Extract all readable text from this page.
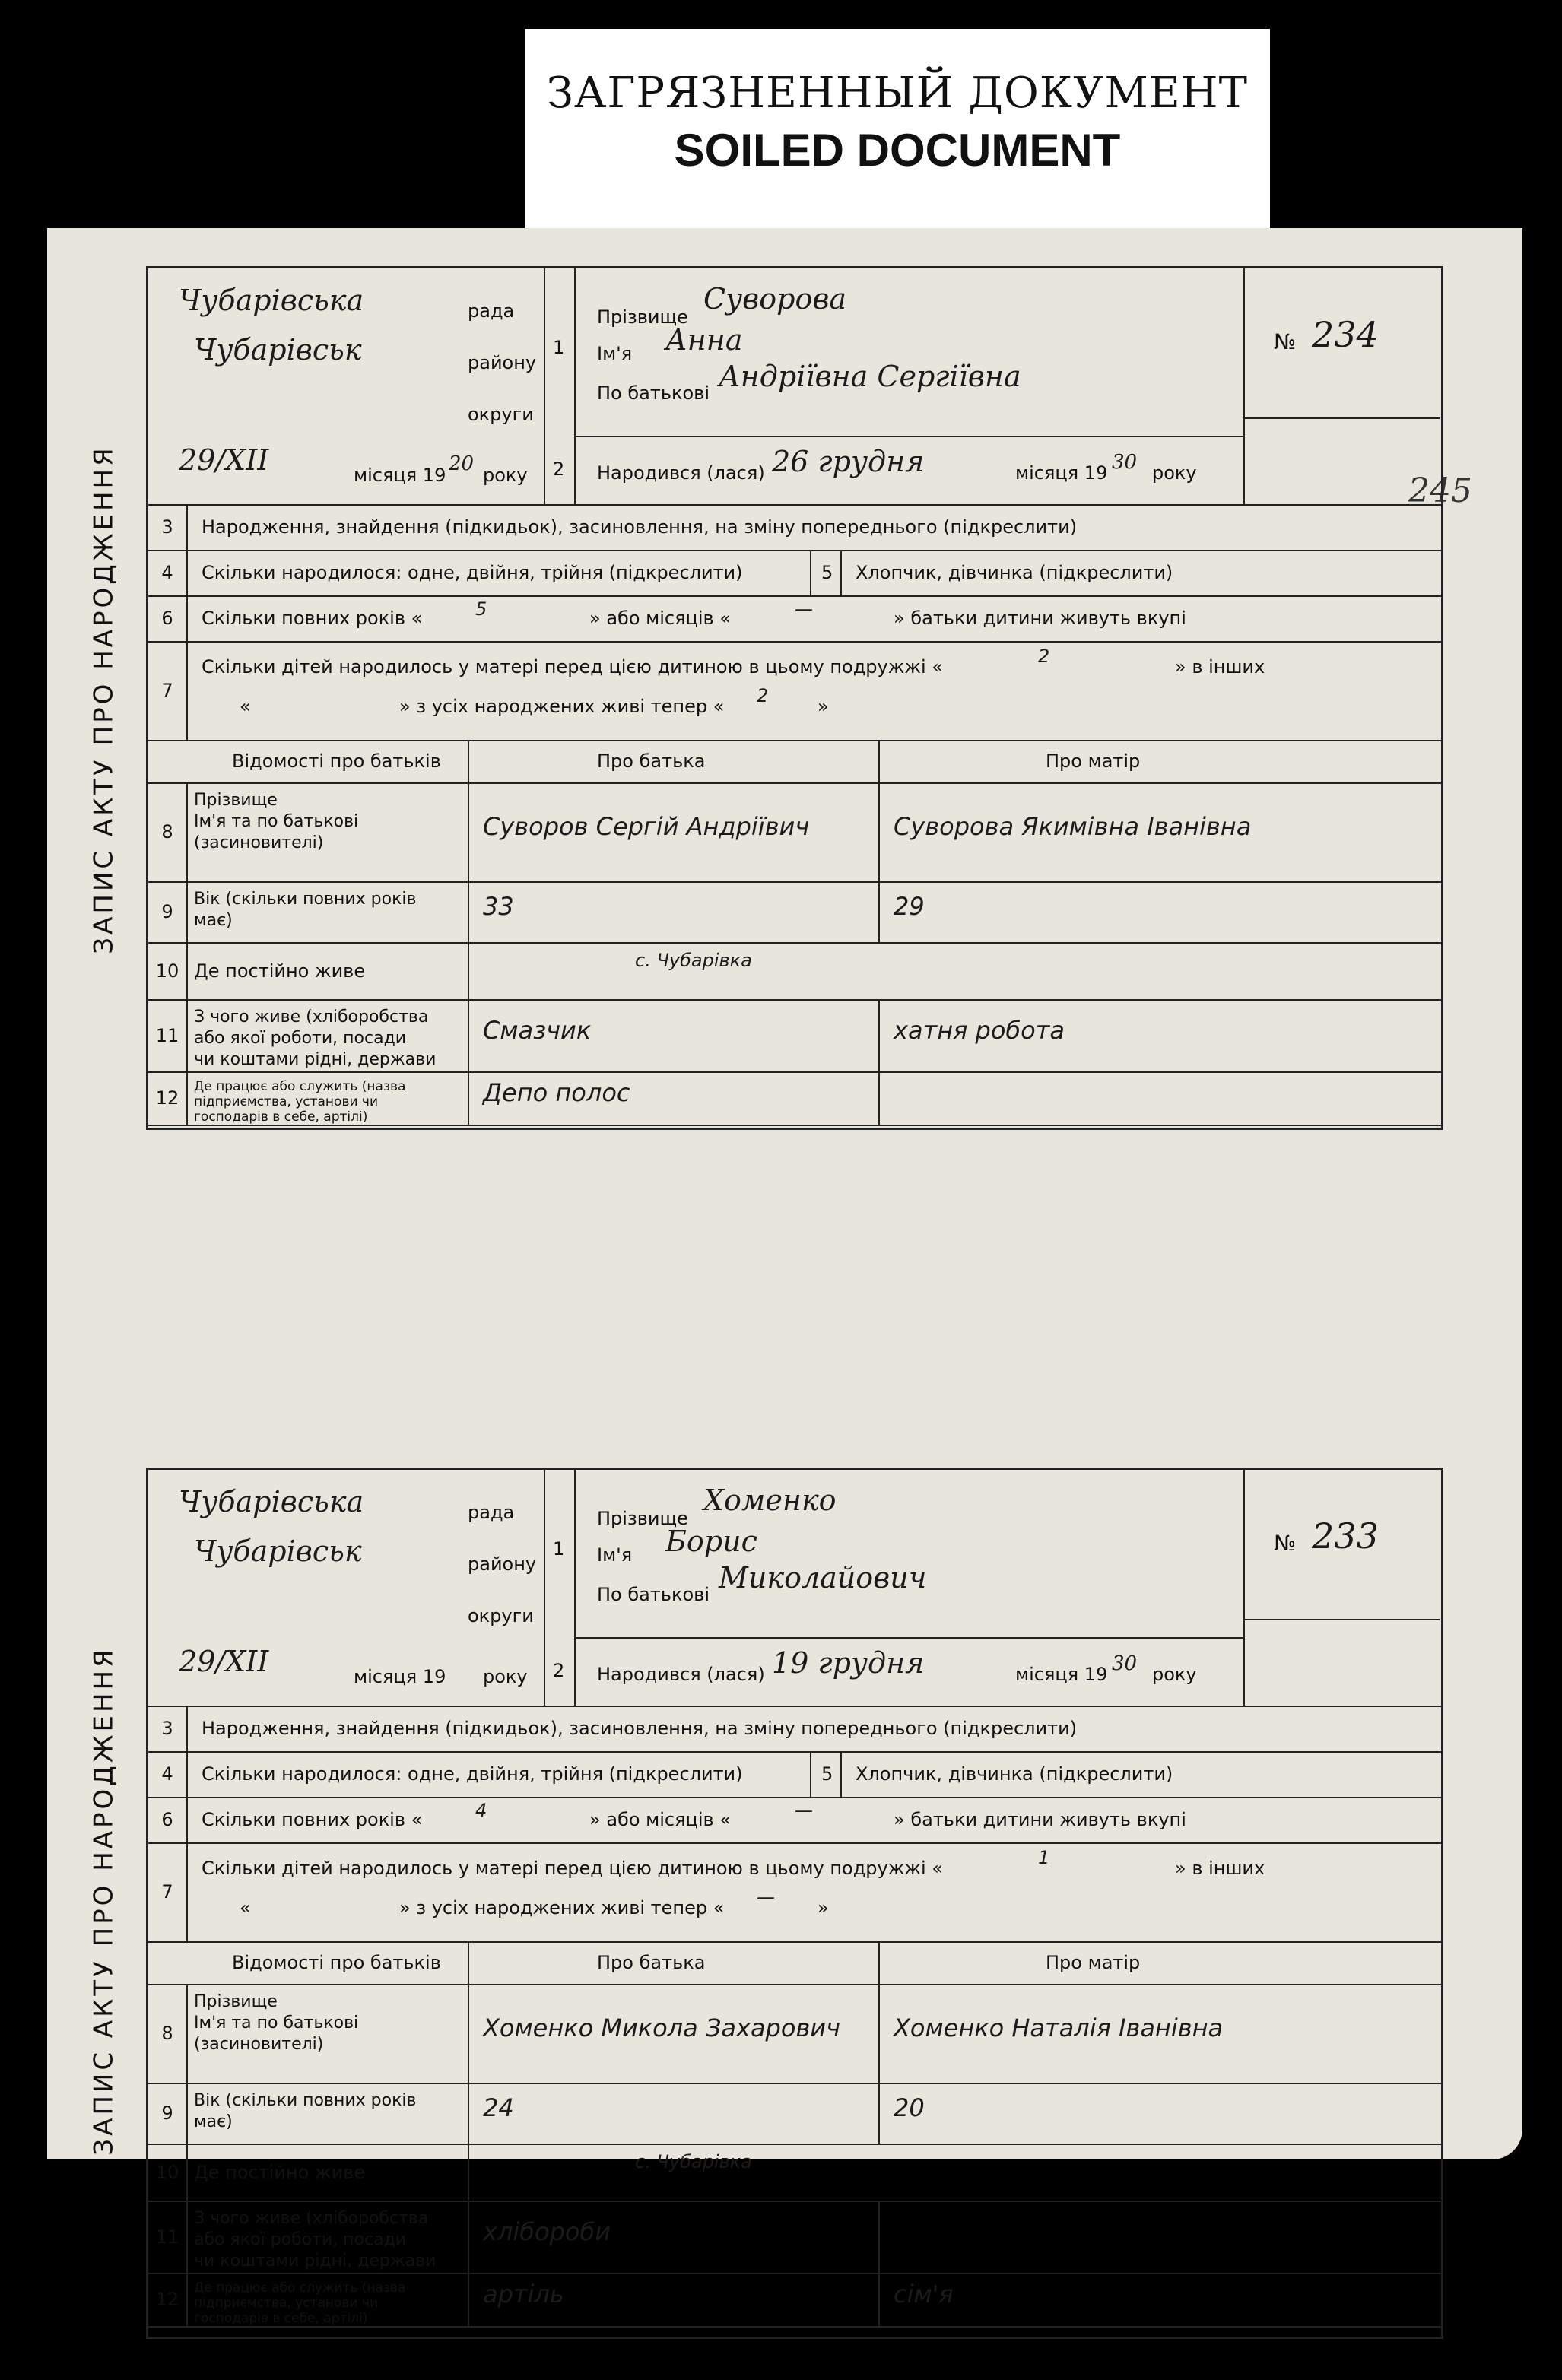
ЗАГРЯЗНЕННЫЙ ДОКУМЕНТ
SOILED DOCUMENT
245
ЗАПИС АКТУ ПРО НАРОДЖЕННЯ
Чубарівська	рада
Чубарівськ	району
округи
29/XII	місяця 19 20 року
1
2
Прізвище
Суворова
Ім'я Анна
По батькові Андріївна Сергіївна
Народився (лася) 26 грудня	місяця 19 30 року
№ 234
3	Народження, знайдення (підкидьок), засиновлення, на зміну попереднього (підкреслити)
4	Скільки народилося: одне, двійня, трійня (підкреслити)	5 Хлопчик, дівчинка (підкреслити)
6	Скільки повних років «	5	» або місяців «	—	» батьки дитини живуть вкупі
7
Скільки дітей народилось у матері перед цією дитиною в цьому подружжі «	2	» в інших
«	» з усіх народжених живі тепер « 2	»
Відомості про батьків	Про батька	Про матір
8
Прізвище
Ім'я та по батькові
(засиновителі)
Суворов Сергій Андріївич	Суворова Якимівна Іванівна
9
Вік (скільки повних років
має)	33	29
10 Де постійно живе	с. Чубарівка
11
З чого живе (хліборобства
або якої роботи, посади
чи коштами рідні, держави
Смазчик	хатня робота
12
Де працює або служить (назва
підприємства, установи чи
господарів в себе, артілі)
Депо полос
ЗАПИС АКТУ ПРО НАРОДЖЕННЯ
Чубарівська	рада
Чубарівськ	району
округи
29/XII	місяця 19 року
1
2
Прізвище
Хоменко
Ім'я Борис
По батькові Миколайович
Народився (лася) 19 грудня	місяця 19 30 року
№ 233
3	Народження, знайдення (підкидьок), засиновлення, на зміну попереднього (підкреслити)
4	Скільки народилося: одне, двійня, трійня (підкреслити)	5 Хлопчик, дівчинка (підкреслити)
6	Скільки повних років «	4	» або місяців «	—	» батьки дитини живуть вкупі
7
Скільки дітей народилось у матері перед цією дитиною в цьому подружжі «	1	» в інших
«	» з усіх народжених живі тепер « — »
Відомості про батьків	Про батька	Про матір
8
Прізвище
Ім'я та по батькові
(засиновителі)
Хоменко Микола Захарович Хоменко Наталія Іванівна
9
Вік (скільки повних років
має)	24	20
10 Де постійно живе	с. Чубарівка
11
З чого живе (хліборобства
або якої роботи, посади
чи коштами рідні, держави
хлібороби
12
Де працює або служить (назва
підприємства, установи чи
господарів в себе, артілі)
артіль	сім'я
